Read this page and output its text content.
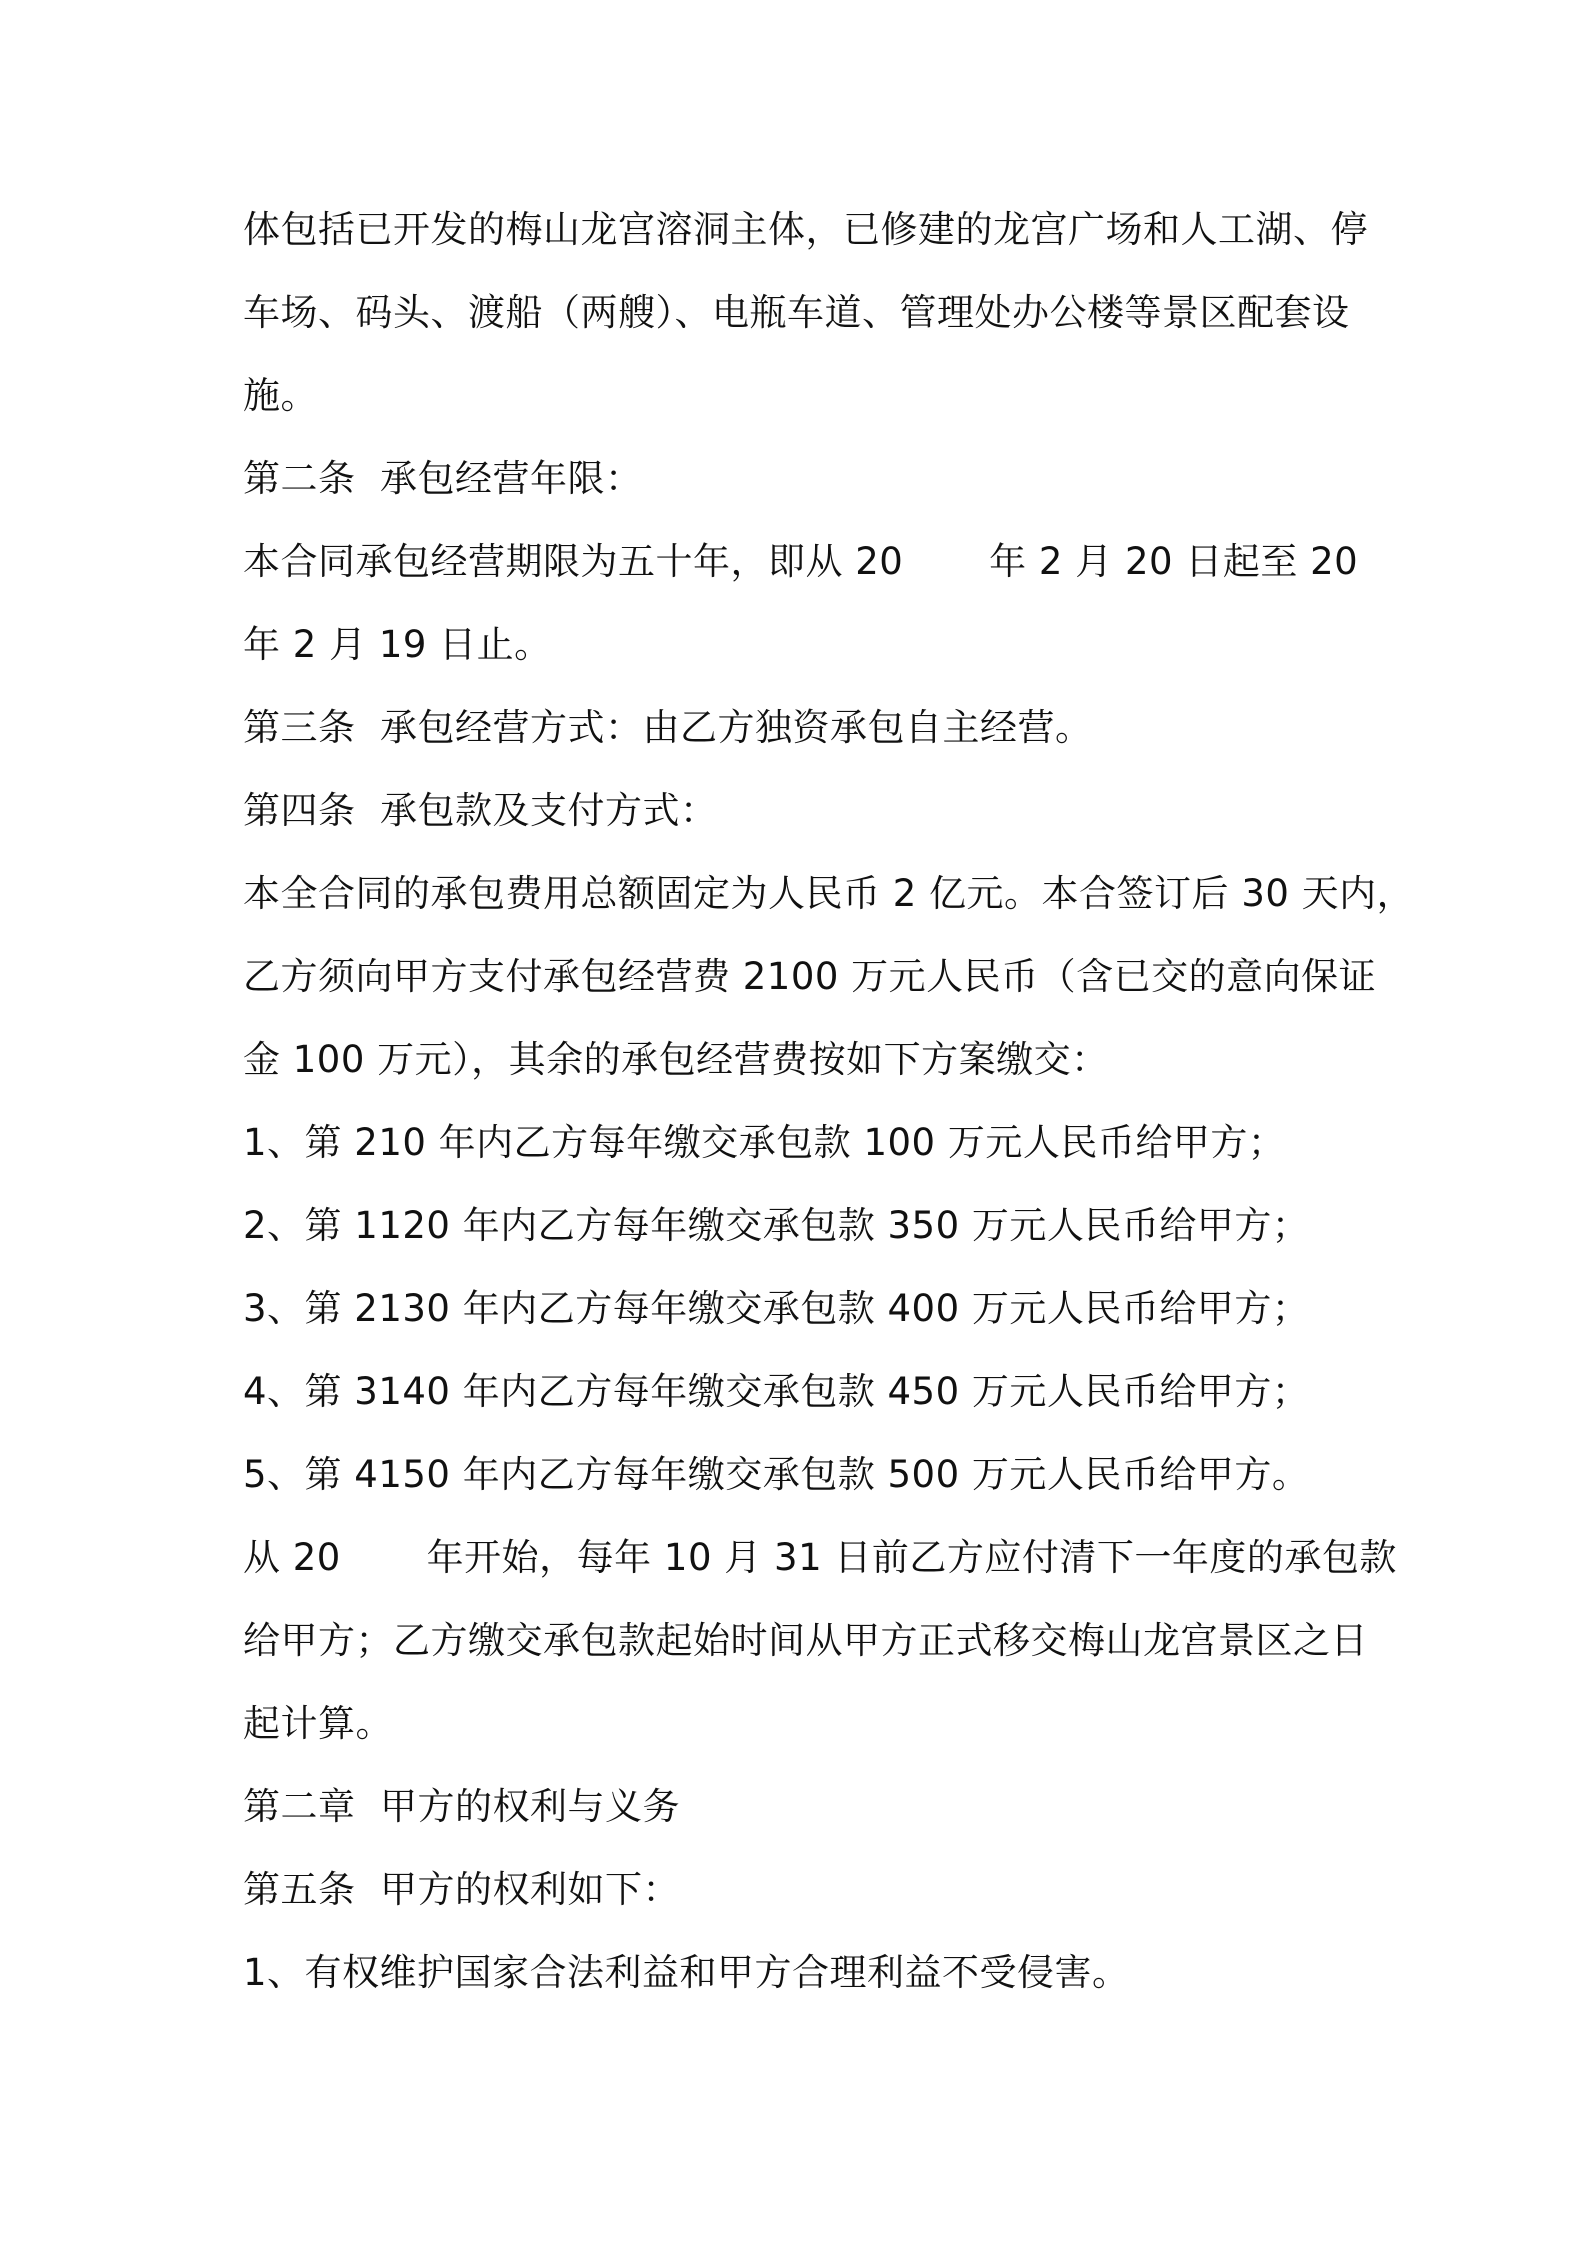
体包括已开发的梅山龙宫溶洞主体，已修建的龙宫广场和人工湖、停
车场、码头、渡船（两艘）、电瓶车道、管理处办公楼等景区配套设
施。
第二条  承包经营年限：
本合同承包经营期限为五十年，即从 20       年 2 月 20 日起至 20
年 2 月 19 日止。
第三条  承包经营方式：由乙方独资承包自主经营。
第四条  承包款及支付方式：
本全合同的承包费用总额固定为人民币 2 亿元。本合签订后 30 天内，
乙方须向甲方支付承包经营费 2100 万元人民币（含已交的意向保证
金 100 万元），其余的承包经营费按如下方案缴交：
1、第 210 年内乙方每年缴交承包款 100 万元人民币给甲方；
2、第 1120 年内乙方每年缴交承包款 350 万元人民币给甲方；
3、第 2130 年内乙方每年缴交承包款 400 万元人民币给甲方；
4、第 3140 年内乙方每年缴交承包款 450 万元人民币给甲方；
5、第 4150 年内乙方每年缴交承包款 500 万元人民币给甲方。
从 20       年开始，每年 10 月 31 日前乙方应付清下一年度的承包款
给甲方；乙方缴交承包款起始时间从甲方正式移交梅山龙宫景区之日
起计算。
第二章  甲方的权利与义务
第五条  甲方的权利如下：
1、有权维护国家合法利益和甲方合理利益不受侵害。
